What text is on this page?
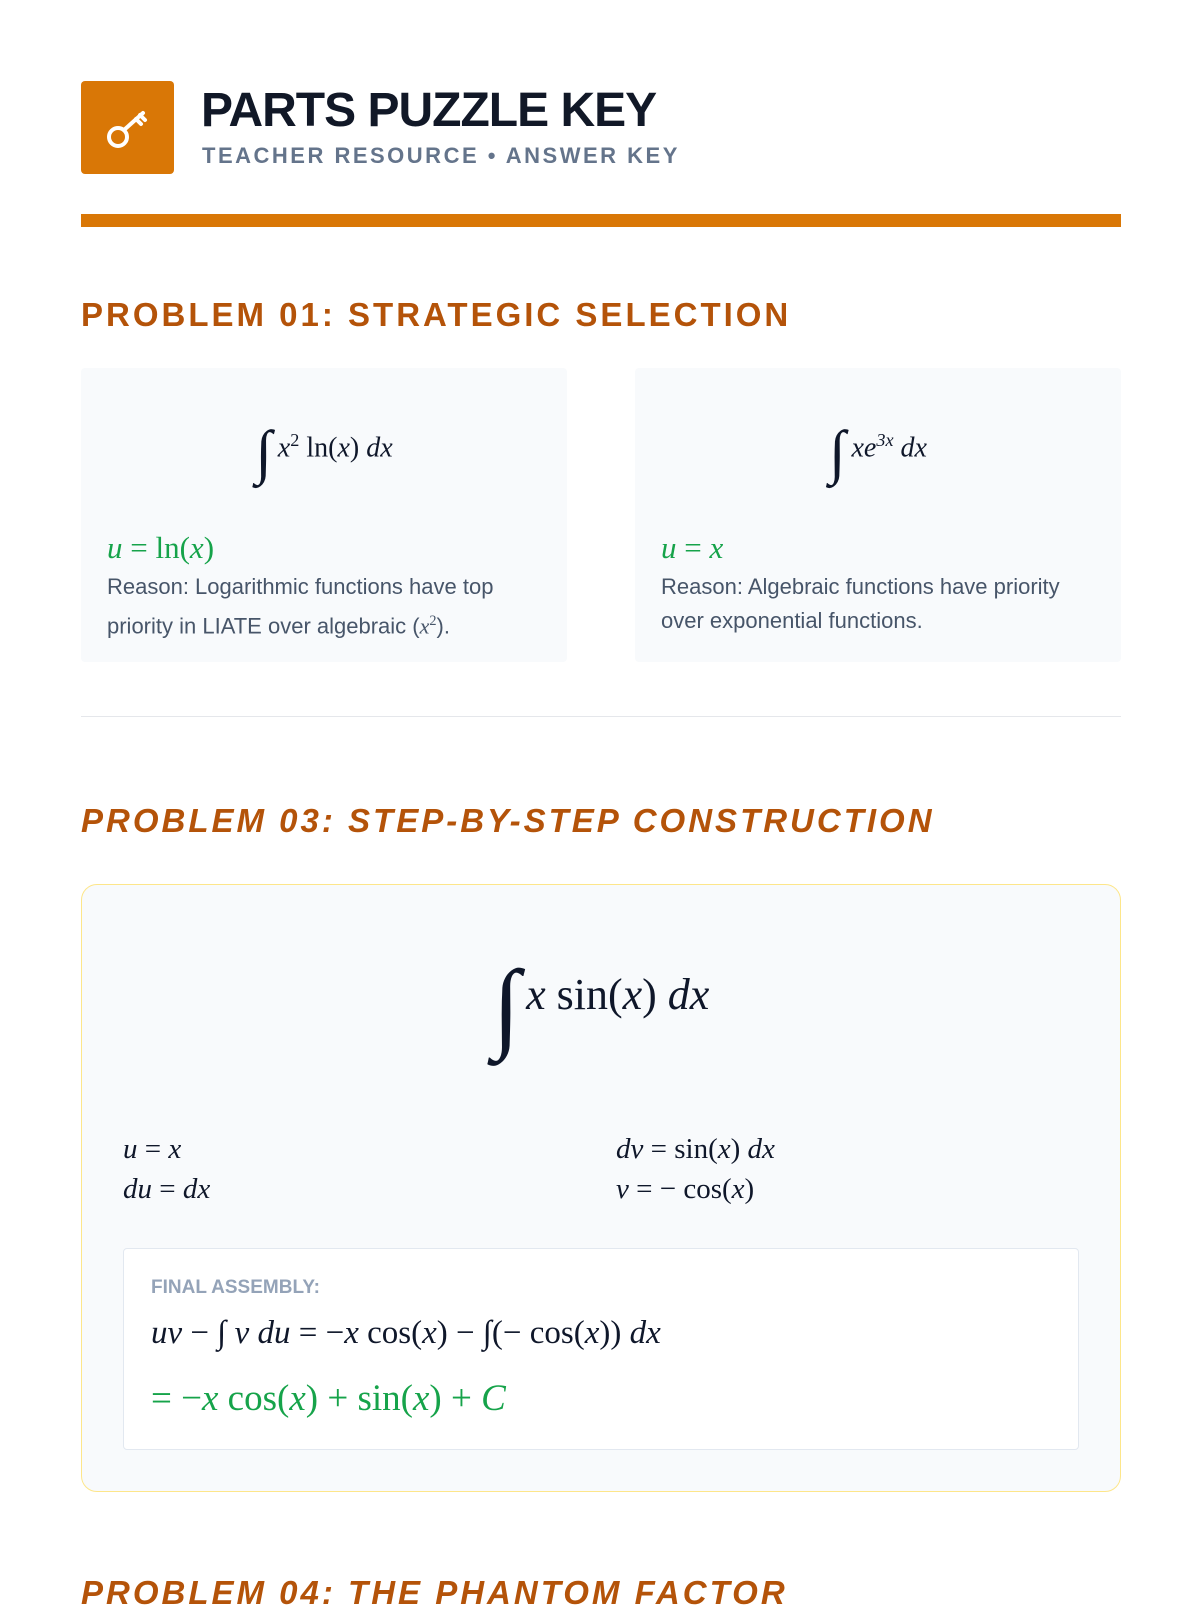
PARTS PUZZLE KEY
TEACHER RESOURCE • ANSWER KEY
PROBLEM 01: STRATEGIC SELECTION
∫ $x^2$ ln(x) dx
u = ln(x)
Reason: Logarithmic functions have top priority in LIATE over algebraic $(x^2)$.
∫ $xe^{3x}$ dx
u = x
Reason: Algebraic functions have priority over exponential functions.
PROBLEM 03: STEP-BY-STEP CONSTRUCTION
∫ x sin(x) dx
u = x
du = dx
dv = sin(x) dx
v = − cos(x)
FINAL ASSEMBLY:
uv − ∫ v du = −x cos(x) − ∫(− cos(x)) dx
= −x cos(x) + sin(x) + C
PROBLEM 04: THE PHANTOM FACTOR
